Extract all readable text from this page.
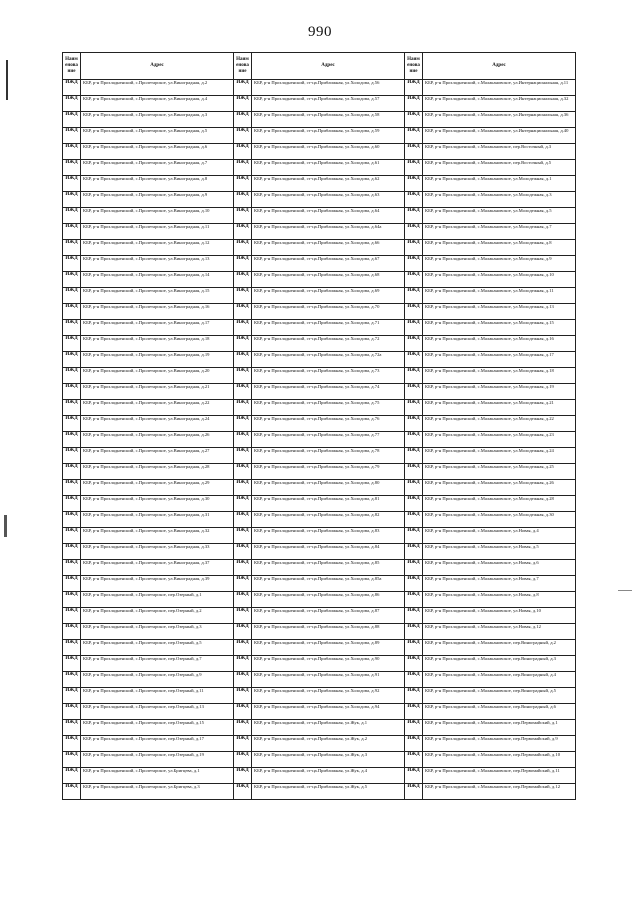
990
Наим енова ние	Адрес	Наим енова ние	Адрес	Наим енова ние	Адрес
ИЖД	КБР, р-н Прохладненский, с.Пролетарское, ул.Виноградная, д.2	ИЖД	КБР, р-н Прохладненский, ст-ца.Приближная, ул.Холодова, д.56	ИЖД	КБР, р-н Прохладненский, с.Малакановское, ул.Интернациональная, д.11
ИЖД	КБР, р-н Прохладненский, с.Пролетарское, ул.Виноградная, д.4	ИЖД	КБР, р-н Прохладненский, ст-ца.Приближная, ул.Холодова, д.57	ИЖД	КБР, р-н Прохладненский, с.Малакановское, ул.Интернациональная, д.32
ИЖД	КБР, р-н Прохладненский, с.Пролетарское, ул.Виноградная, д.3	ИЖД	КБР, р-н Прохладненский, ст-ца.Приближная, ул.Холодова, д.58	ИЖД	КБР, р-н Прохладненский, с.Малакановское, ул.Интернациональная, д.36
ИЖД	КБР, р-н Прохладненский, с.Пролетарское, ул.Виноградная, д.5	ИЖД	КБР, р-н Прохладненский, ст-ца.Приближная, ул.Холодова, д.59	ИЖД	КБР, р-н Прохладненский, с.Малакановское, ул.Интернациональная, д.40
ИЖД	КБР, р-н Прохладненский, с.Пролетарское, ул.Виноградная, д.6	ИЖД	КБР, р-н Прохладненский, ст-ца.Приближная, ул.Холодова, д.60	ИЖД	КБР, р-н Прохладненский, с.Малакановское, пер.Восточный, д.3
ИЖД	КБР, р-н Прохладненский, с.Пролетарское, ул.Виноградная, д.7	ИЖД	КБР, р-н Прохладненский, ст-ца.Приближная, ул.Холодова, д.61	ИЖД	КБР, р-н Прохладненский, с.Малакановское, пер.Восточный, д.5
ИЖД	КБР, р-н Прохладненский, с.Пролетарское, ул.Виноградная, д.8	ИЖД	КБР, р-н Прохладненский, ст-ца.Приближная, ул.Холодова, д.62	ИЖД	КБР, р-н Прохладненский, с.Малакановское, ул.Молодежная, д.1
ИЖД	КБР, р-н Прохладненский, с.Пролетарское, ул.Виноградная, д.9	ИЖД	КБР, р-н Прохладненский, ст-ца.Приближная, ул.Холодова, д.63	ИЖД	КБР, р-н Прохладненский, с.Малакановское, ул.Молодежная, д.3
ИЖД	КБР, р-н Прохладненский, с.Пролетарское, ул.Виноградная, д.10	ИЖД	КБР, р-н Прохладненский, ст-ца.Приближная, ул.Холодова, д.64	ИЖД	КБР, р-н Прохладненский, с.Малакановское, ул.Молодежная, д.5
ИЖД	КБР, р-н Прохладненский, с.Пролетарское, ул.Виноградная, д.11	ИЖД	КБР, р-н Прохладненский, ст-ца.Приближная, ул.Холодова, д.64а	ИЖД	КБР, р-н Прохладненский, с.Малакановское, ул.Молодежная, д.7
ИЖД	КБР, р-н Прохладненский, с.Пролетарское, ул.Виноградная, д.12	ИЖД	КБР, р-н Прохладненский, ст-ца.Приближная, ул.Холодова, д.66	ИЖД	КБР, р-н Прохладненский, с.Малакановское, ул.Молодежная, д.8
ИЖД	КБР, р-н Прохладненский, с.Пролетарское, ул.Виноградная, д.13	ИЖД	КБР, р-н Прохладненский, ст-ца.Приближная, ул.Холодова, д.67	ИЖД	КБР, р-н Прохладненский, с.Малакановское, ул.Молодежная, д.9
ИЖД	КБР, р-н Прохладненский, с.Пролетарское, ул.Виноградная, д.14	ИЖД	КБР, р-н Прохладненский, ст-ца.Приближная, ул.Холодова, д.68	ИЖД	КБР, р-н Прохладненский, с.Малакановское, ул.Молодежная, д.10
ИЖД	КБР, р-н Прохладненский, с.Пролетарское, ул.Виноградная, д.15	ИЖД	КБР, р-н Прохладненский, ст-ца.Приближная, ул.Холодова, д.69	ИЖД	КБР, р-н Прохладненский, с.Малакановское, ул.Молодежная, д.11
ИЖД	КБР, р-н Прохладненский, с.Пролетарское, ул.Виноградная, д.16	ИЖД	КБР, р-н Прохладненский, ст-ца.Приближная, ул.Холодова, д.70	ИЖД	КБР, р-н Прохладненский, с.Малакановское, ул.Молодежная, д.13
ИЖД	КБР, р-н Прохладненский, с.Пролетарское, ул.Виноградная, д.17	ИЖД	КБР, р-н Прохладненский, ст-ца.Приближная, ул.Холодова, д.71	ИЖД	КБР, р-н Прохладненский, с.Малакановское, ул.Молодежная, д.15
ИЖД	КБР, р-н Прохладненский, с.Пролетарское, ул.Виноградная, д.18	ИЖД	КБР, р-н Прохладненский, ст-ца.Приближная, ул.Холодова, д.72	ИЖД	КБР, р-н Прохладненский, с.Малакановское, ул.Молодежная, д.16
ИЖД	КБР, р-н Прохладненский, с.Пролетарское, ул.Виноградная, д.19	ИЖД	КБР, р-н Прохладненский, ст-ца.Приближная, ул.Холодова, д.72а	ИЖД	КБР, р-н Прохладненский, с.Малакановское, ул.Молодежная, д.17
ИЖД	КБР, р-н Прохладненский, с.Пролетарское, ул.Виноградная, д.20	ИЖД	КБР, р-н Прохладненский, ст-ца.Приближная, ул.Холодова, д.73	ИЖД	КБР, р-н Прохладненский, с.Малакановское, ул.Молодежная, д.18
ИЖД	КБР, р-н Прохладненский, с.Пролетарское, ул.Виноградная, д.21	ИЖД	КБР, р-н Прохладненский, ст-ца.Приближная, ул.Холодова, д.74	ИЖД	КБР, р-н Прохладненский, с.Малакановское, ул.Молодежная, д.19
ИЖД	КБР, р-н Прохладненский, с.Пролетарское, ул.Виноградная, д.22	ИЖД	КБР, р-н Прохладненский, ст-ца.Приближная, ул.Холодова, д.75	ИЖД	КБР, р-н Прохладненский, с.Малакановское, ул.Молодежная, д.21
ИЖД	КБР, р-н Прохладненский, с.Пролетарское, ул.Виноградная, д.24	ИЖД	КБР, р-н Прохладненский, ст-ца.Приближная, ул.Холодова, д.76	ИЖД	КБР, р-н Прохладненский, с.Малакановское, ул.Молодежная, д.22
ИЖД	КБР, р-н Прохладненский, с.Пролетарское, ул.Виноградная, д.26	ИЖД	КБР, р-н Прохладненский, ст-ца.Приближная, ул.Холодова, д.77	ИЖД	КБР, р-н Прохладненский, с.Малакановское, ул.Молодежная, д.23
ИЖД	КБР, р-н Прохладненский, с.Пролетарское, ул.Виноградная, д.27	ИЖД	КБР, р-н Прохладненский, ст-ца.Приближная, ул.Холодова, д.78	ИЖД	КБР, р-н Прохладненский, с.Малакановское, ул.Молодежная, д.24
ИЖД	КБР, р-н Прохладненский, с.Пролетарское, ул.Виноградная, д.28	ИЖД	КБР, р-н Прохладненский, ст-ца.Приближная, ул.Холодова, д.79	ИЖД	КБР, р-н Прохладненский, с.Малакановское, ул.Молодежная, д.25
ИЖД	КБР, р-н Прохладненский, с.Пролетарское, ул.Виноградная, д.29	ИЖД	КБР, р-н Прохладненский, ст-ца.Приближная, ул.Холодова, д.80	ИЖД	КБР, р-н Прохладненский, с.Малакановское, ул.Молодежная, д.26
ИЖД	КБР, р-н Прохладненский, с.Пролетарское, ул.Виноградная, д.30	ИЖД	КБР, р-н Прохладненский, ст-ца.Приближная, ул.Холодова, д.81	ИЖД	КБР, р-н Прохладненский, с.Малакановское, ул.Молодежная, д.28
ИЖД	КБР, р-н Прохладненский, с.Пролетарское, ул.Виноградная, д.31	ИЖД	КБР, р-н Прохладненский, ст-ца.Приближная, ул.Холодова, д.82	ИЖД	КБР, р-н Прохладненский, с.Малакановское, ул.Молодежная, д.30
ИЖД	КБР, р-н Прохладненский, с.Пролетарское, ул.Виноградная, д.32	ИЖД	КБР, р-н Прохладненский, ст-ца.Приближная, ул.Холодова, д.83	ИЖД	КБР, р-н Прохладненский, с.Малакановское, ул.Новая, д.4
ИЖД	КБР, р-н Прохладненский, с.Пролетарское, ул.Виноградная, д.33	ИЖД	КБР, р-н Прохладненский, ст-ца.Приближная, ул.Холодова, д.84	ИЖД	КБР, р-н Прохладненский, с.Малакановское, ул.Новая, д.5
ИЖД	КБР, р-н Прохладненский, с.Пролетарское, ул.Виноградная, д.37	ИЖД	КБР, р-н Прохладненский, ст-ца.Приближная, ул.Холодова, д.85	ИЖД	КБР, р-н Прохладненский, с.Малакановское, ул.Новая, д.6
ИЖД	КБР, р-н Прохладненский, с.Пролетарское, ул.Виноградная, д.39	ИЖД	КБР, р-н Прохладненский, ст-ца.Приближная, ул.Холодова, д.85а	ИЖД	КБР, р-н Прохладненский, с.Малакановское, ул.Новая, д.7
ИЖД	КБР, р-н Прохладненский, с.Пролетарское, пер.Озерный, д.1	ИЖД	КБР, р-н Прохладненский, ст-ца.Приближная, ул.Холодова, д.86	ИЖД	КБР, р-н Прохладненский, с.Малакановское, ул.Новая, д.8
ИЖД	КБР, р-н Прохладненский, с.Пролетарское, пер.Озерный, д.2	ИЖД	КБР, р-н Прохладненский, ст-ца.Приближная, ул.Холодова, д.87	ИЖД	КБР, р-н Прохладненский, с.Малакановское, ул.Новая, д.10
ИЖД	КБР, р-н Прохладненский, с.Пролетарское, пер.Озерный, д.3	ИЖД	КБР, р-н Прохладненский, ст-ца.Приближная, ул.Холодова, д.88	ИЖД	КБР, р-н Прохладненский, с.Малакановское, ул.Новая, д.12
ИЖД	КБР, р-н Прохладненский, с.Пролетарское, пер.Озерный, д.5	ИЖД	КБР, р-н Прохладненский, ст-ца.Приближная, ул.Холодова, д.89	ИЖД	КБР, р-н Прохладненский, с.Малакановское, пер.Виноградный, д.2
ИЖД	КБР, р-н Прохладненский, с.Пролетарское, пер.Озерный, д.7	ИЖД	КБР, р-н Прохладненский, ст-ца.Приближная, ул.Холодова, д.90	ИЖД	КБР, р-н Прохладненский, с.Малакановское, пер.Виноградный, д.3
ИЖД	КБР, р-н Прохладненский, с.Пролетарское, пер.Озерный, д.9	ИЖД	КБР, р-н Прохладненский, ст-ца.Приближная, ул.Холодова, д.91	ИЖД	КБР, р-н Прохладненский, с.Малакановское, пер.Виноградный, д.4
ИЖД	КБР, р-н Прохладненский, с.Пролетарское, пер.Озерный, д.11	ИЖД	КБР, р-н Прохладненский, ст-ца.Приближная, ул.Холодова, д.92	ИЖД	КБР, р-н Прохладненский, с.Малакановское, пер.Виноградный, д.5
ИЖД	КБР, р-н Прохладненский, с.Пролетарское, пер.Озерный, д.13	ИЖД	КБР, р-н Прохладненский, ст-ца.Приближная, ул.Холодова, д.94	ИЖД	КБР, р-н Прохладненский, с.Малакановское, пер.Виноградный, д.6
ИЖД	КБР, р-н Прохладненский, с.Пролетарское, пер.Озерный, д.15	ИЖД	КБР, р-н Прохладненский, ст-ца.Приближная, ул.Жук, д.1	ИЖД	КБР, р-н Прохладненский, с.Малакановское, пер.Первомайский, д.1
ИЖД	КБР, р-н Прохладненский, с.Пролетарское, пер.Озерный, д.17	ИЖД	КБР, р-н Прохладненский, ст-ца.Приближная, ул.Жук, д.2	ИЖД	КБР, р-н Прохладненский, с.Малакановское, пер.Первомайский, д.9
ИЖД	КБР, р-н Прохладненский, с.Пролетарское, пер.Озерный, д.19	ИЖД	КБР, р-н Прохладненский, ст-ца.Приближная, ул.Жук, д.3	ИЖД	КБР, р-н Прохладненский, с.Малакановское, пер.Первомайский, д.10
ИЖД	КБР, р-н Прохладненский, с.Пролетарское, ул.Бригцева, д.1	ИЖД	КБР, р-н Прохладненский, ст-ца.Приближная, ул.Жук, д.4	ИЖД	КБР, р-н Прохладненский, с.Малакановское, пер.Первомайский, д.11
ИЖД	КБР, р-н Прохладненский, с.Пролетарское, ул.Бригцева, д.3	ИЖД	КБР, р-н Прохладненский, ст-ца.Приближная, ул.Жук, д.5	ИЖД	КБР, р-н Прохладненский, с.Малакановское, пер.Первомайский, д.12
